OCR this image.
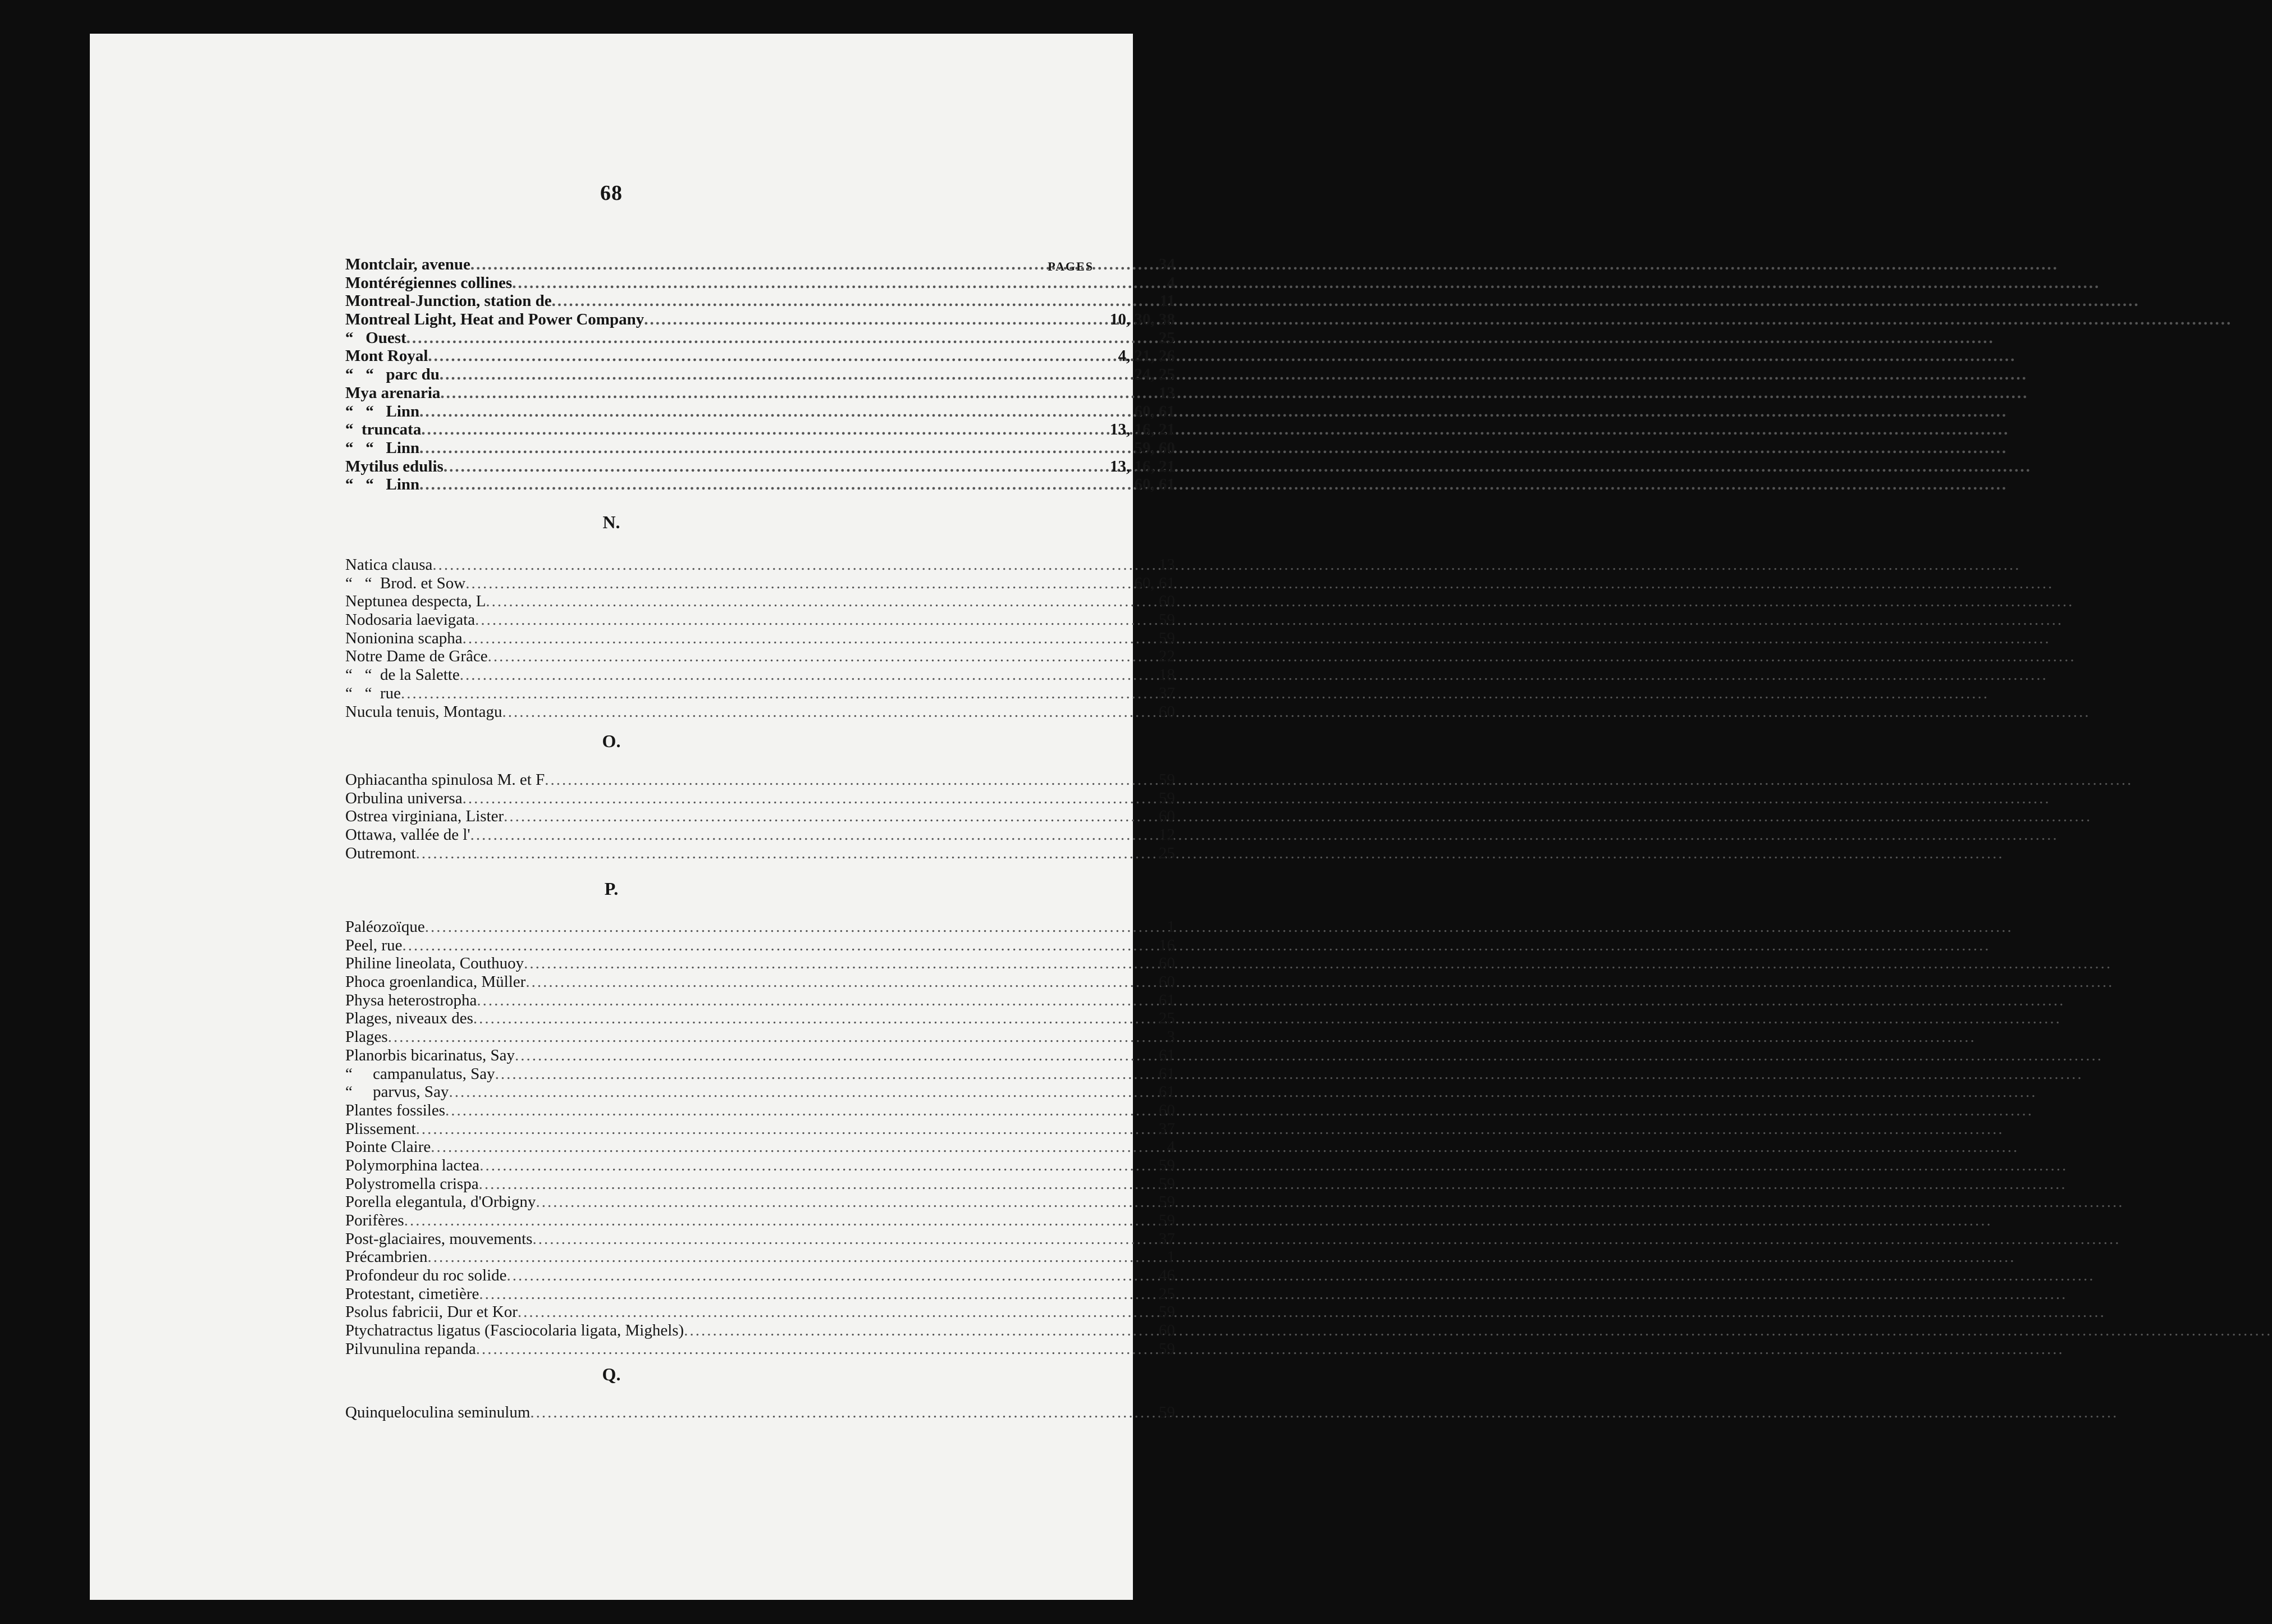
68
PAGES
Montclair, avenue .....	34
Montérégiennes collines .....	4
Montreal-Junction, station de .....	11
Montreal Light, Heat and Power Company .....	10, 30, 38
“   Ouest .....	25
Mont Royal .....	4, 21, 26
“   “   parc du .....	24, 25
Mya arenaria .....	13
“   “   Linn .....	60, 61
“  truncata .....	13, 16, 21
“   “   Linn .....	59, 60
Mytilus edulis .....	13, 16, 21
“   “   Linn .....	60, 61
Natica clausa .....	13
“   “  Brod. et Sow .....	60, 61
Neptunea despecta, L .....	60
Nodosaria laevigata .....	59
Nonionina scapha .....	59
Notre Dame de Grâce .....	22
“   “  de la Salette .....	18
“   “  rue .....	37
Nucula tenuis, Montagu .....	60
Ophiacantha spinulosa M. et F .....	59
Orbulina universa .....	59
Ostrea virginiana, Lister .....	60
Ottawa, vallée de l' .....	12
Outremont .....	25
Paléozoïque .....	1
Peel, rue .....	16
Philine lineolata, Couthuoy .....	60
Phoca groenlandica, Müller .....	60
Physa heterostropha .....	61
Plages, niveaux des .....	25
Plages .....	3
Planorbis bicarinatus, Say .....	61
“     campanulatus, Say .....	61
“     parvus, Say .....	61
Plantes fossiles .....	60
Plissement .....	37
Pointe Claire .....	4
Polymorphina lactea .....	59
Polystromella crispa .....	59
Porella elegantula, d'Orbigny .....	59
Porifères .....	59
Post-glaciaires, mouvements .....	37
Précambrien .....	1
Profondeur du roc solide .....	46
Protestant, cimetière .....	25
Psolus fabricii, Dur et Kor .....	59
Ptychatractus ligatus (Fasciocolaria ligata, Mighels) .....	60
Pilvunulina repanda .....	59
Quinqueloculina seminulum .....	59
N.
O.
P.
Q.
